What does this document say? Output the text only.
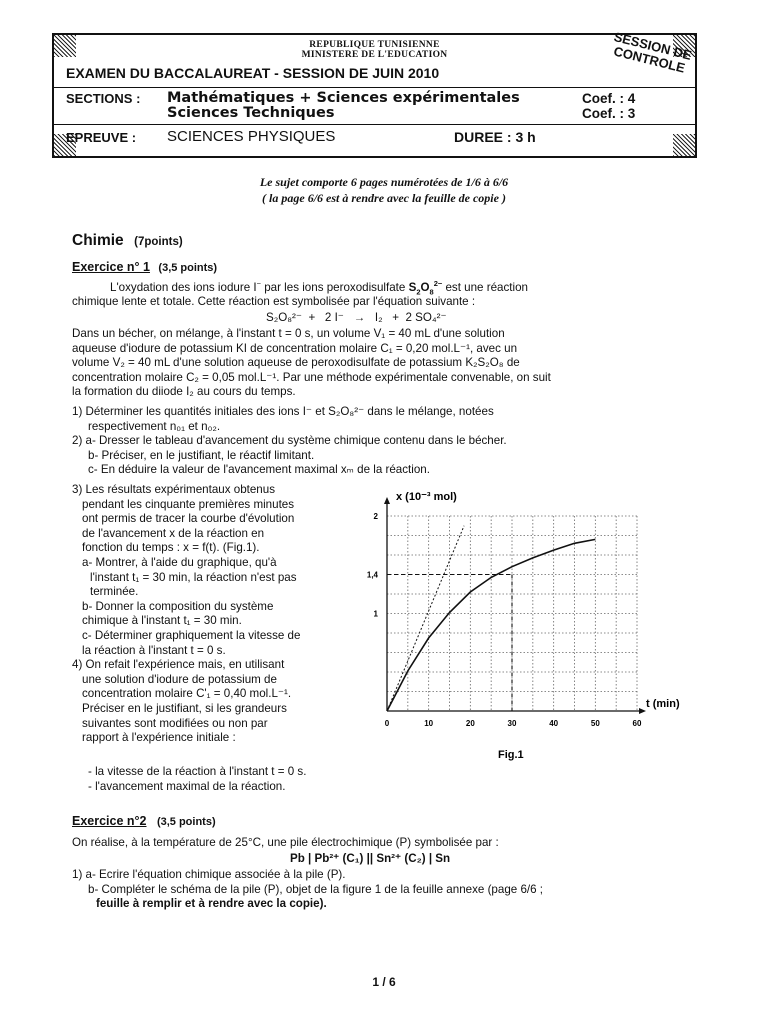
REPUBLIQUE TUNISIENNE
MINISTERE DE L'EDUCATION
EXAMEN DU BACCALAUREAT - SESSION DE JUIN 2010
SESSION DE CONTROLE
SECTIONS : Mathématiques + Sciences expérimentales
Sciences Techniques
Coef. : 4
Coef. : 3
EPREUVE : SCIENCES PHYSIQUES	DUREE : 3 h
Le sujet comporte 6 pages numérotées de 1/6 à 6/6
( la page 6/6 est à rendre avec la feuille de copie )
Chimie (7points)
Exercice n° 1 (3,5 points)
L'oxydation des ions iodure I− par les ions peroxodisulfate $S_2O_8^{2-}$ est une réaction
chimique lente et totale. Cette réaction est symbolisée par l'équation suivante :
S₂O₈²⁻  +   2 I⁻   →   I₂   +  2 SO₄²⁻

Dans un bécher, on mélange, à l'instant t = 0 s, un volume V₁ = 40 mL d'une solution

aqueuse d'iodure de potassium KI de concentration molaire C₁ = 0,20 mol.L⁻¹, avec un

volume V₂ = 40 mL d'une solution aqueuse de peroxodisulfate de potassium K₂S₂O₈ de

concentration molaire C₂ = 0,05 mol.L⁻¹. Par une méthode expérimentale convenable, on suit

la formation du diiode I₂ au cours du temps.

1) Déterminer les quantités initiales des ions I⁻ et S₂O₈²⁻ dans le mélange, notées

respectivement n₀₁ et n₀₂.

2) a- Dresser le tableau d'avancement du système chimique contenu dans le bécher.

b- Préciser, en le justifiant, le réactif limitant.

c- En déduire la valeur de l'avancement maximal xₘ de la réaction.

3) Les résultats expérimentaux obtenus

pendant les cinquante premières minutes

ont permis de tracer la courbe d'évolution

de l'avancement x de la réaction en

fonction du temps : x = f(t). (Fig.1).

a- Montrer, à l'aide du graphique, qu'à

l'instant t₁ = 30 min, la réaction n'est pas

terminée.

b- Donner la composition du système

chimique à l'instant t₁ = 30 min.

c- Déterminer graphiquement la vitesse de

la réaction à l'instant t = 0 s.

4) On refait l'expérience mais, en utilisant

une solution d'iodure de potassium de

concentration molaire C'₁ = 0,40 mol.L⁻¹.

Préciser en le justifiant, si les grandeurs

suivantes sont modifiées ou non par

rapport à l'expérience initiale :

- la vitesse de la réaction à l'instant t = 0 s.

- l'avancement maximal de la réaction.

0	10	20	30	40	50	60
1
1,4
2
x (10⁻³ mol)
t (min)
Fig.1
Exercice n°2 (3,5 points)
On réalise, à la température de 25°C, une pile électrochimique (P) symbolisée par :
Pb | Pb²⁺ (C₁) || Sn²⁺ (C₂) | Sn

1) a- Ecrire l'équation chimique associée à la pile (P).

b- Compléter le schéma de la pile (P), objet de la figure 1 de la feuille annexe (page 6/6 ;

feuille à remplir et à rendre avec la copie).

1 / 6
